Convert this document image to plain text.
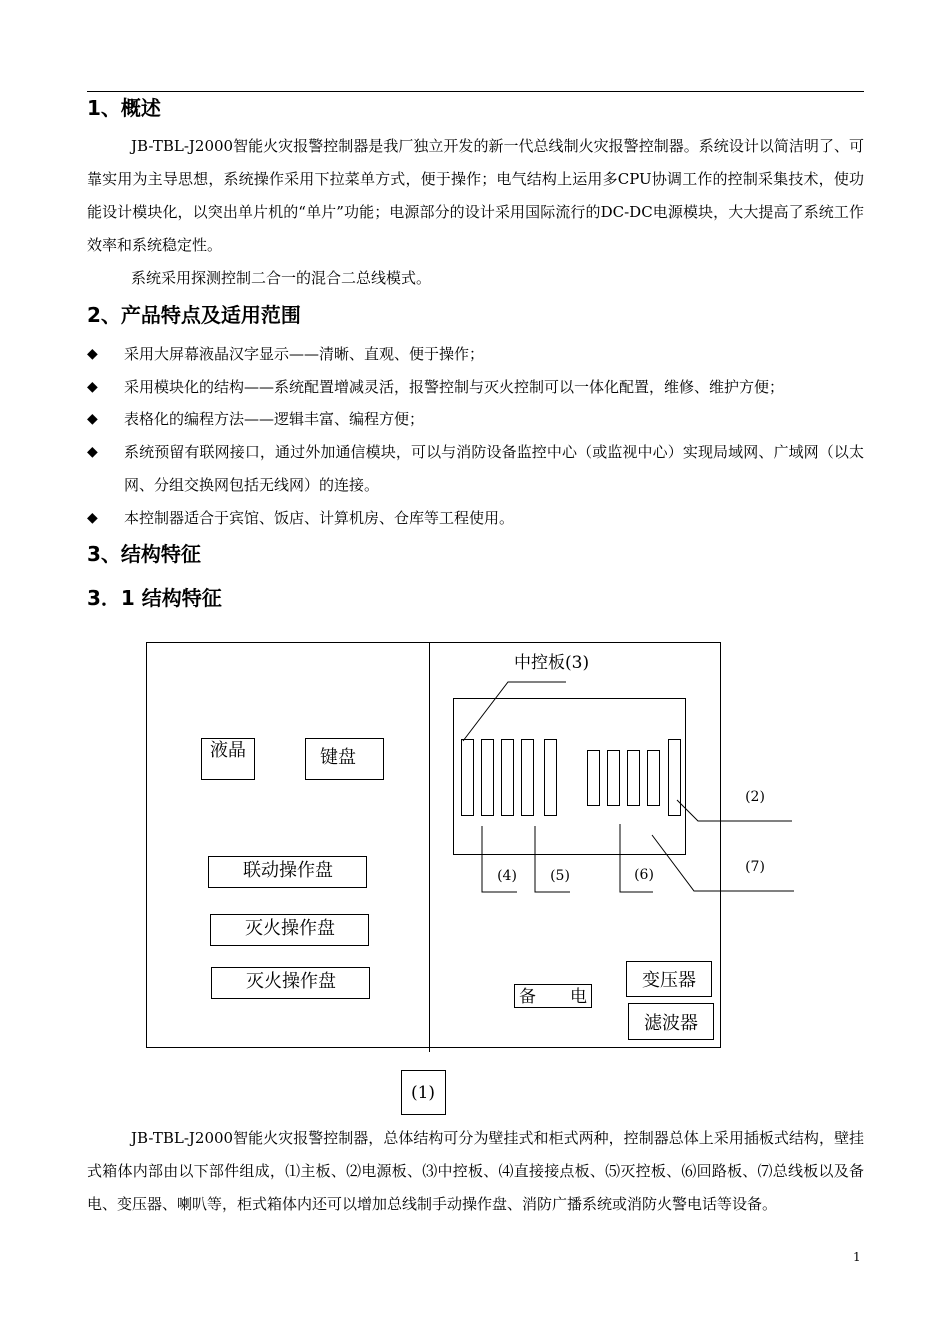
1、概述

JB-TBL-J2000智能火灾报警控制器是我厂独立开发的新一代总线制火灾报警控制器。系统设计以简洁明了、可靠实用为主导思想，系统操作采用下拉菜单方式，便于操作；电气结构上运用多CPU协调工作的控制采集技术，使功能设计模块化，以突出单片机的“单片”功能；电源部分的设计采用国际流行的DC-DC电源模块，大大提高了系统工作效率和系统稳定性。

系统采用探测控制二合一的混合二总线模式。

2、产品特点及适用范围
◆ 采用大屏幕液晶汉字显示——清晰、直观、便于操作；
◆ 采用模块化的结构——系统配置增减灵活，报警控制与灭火控制可以一体化配置，维修、维护方便；
◆ 表格化的编程方法——逻辑丰富、编程方便；
◆ 系统预留有联网接口，通过外加通信模块，可以与消防设备监控中心（或监视中心）实现局域网、广域网（以太网、分组交换网包括无线网）的连接。
◆ 本控制器适合于宾馆、饭店、计算机房、仓库等工程使用。
3、结构特征
3．1 结构特征
液晶	键盘
联动操作盘
灭火操作盘
灭火操作盘
备　　电
变压器
滤波器
中控板(3)
(1)
(2)
(4) (5)	(6)	(7)

JB-TBL-J2000智能火灾报警控制器，总体结构可分为壁挂式和柜式两种，控制器总体上采用插板式结构，壁挂式箱体内部由以下部件组成，⑴主板、⑵电源板、⑶中控板、⑷直接接点板、⑸灭控板、⑹回路板、⑺总线板以及备电、变压器、喇叭等，柜式箱体内还可以增加总线制手动操作盘、消防广播系统或消防火警电话等设备。

1
